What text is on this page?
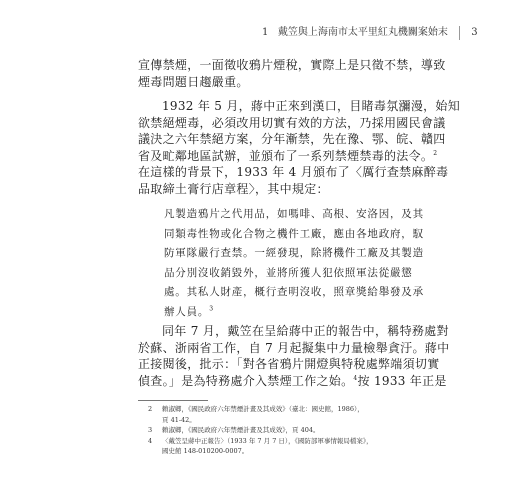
1 戴笠與上海南市太平里紅丸機關案始末 3
宣傳禁煙，一面徵收鴉片煙稅，實際上是只徵不禁，導致
煙毒問題日趨嚴重。
1932 年 5 月，蔣中正來到漢口，目睹毒氛瀰漫，始知
欲禁絕煙毒，必須改用切實有效的方法，乃採用國民會議
議決之六年禁絕方案，分年漸禁，先在豫、鄂、皖、贛四
省及甿鄰地區試辦，並頒布了一系列禁煙禁毒的法令。$^2$
在這樣的背景下，1933 年 4 月頒布了〈厲行查禁麻醉毒
品取締土膏行店章程〉，其中規定：
凡製造鴉片之代用品，如嗎啡、高根、安洛因，及其
同類毒性物或化合物之機件工廠，應由各地政府，馭
防軍隊嚴行查禁。一經發現，除將機件工廠及其製造
品分別沒收銷毀外，並將所獲人犯依照軍法從嚴懲
處。其私人財產，概行查明沒收，照章獎給舉發及承
辦人員。$^3$
同年 7 月，戴笠在呈給蔣中正的報告中，稱特務處對
於蘇、浙兩省工作，自 7 月起擬集中力量檢舉貪汙。蔣中
正接閱後，批示：「對各省鴉片開燈與特稅處弊端須切實
偵查。」是為特務處介入禁煙工作之始。$^4$按 1933 年正是
2 賴淑卿，《國民政府六年禁煙計畫及其成效》（臺北：國史館，1986），
頁 41-42。
3 賴淑卿，《國民政府六年禁煙計畫及其成效》，頁 404。
4 〈戴笠呈蔣中正報告〉（1933 年 7 月 7 日），《國防部軍事情報局檔案》，
國史館 148-010200-0007。
